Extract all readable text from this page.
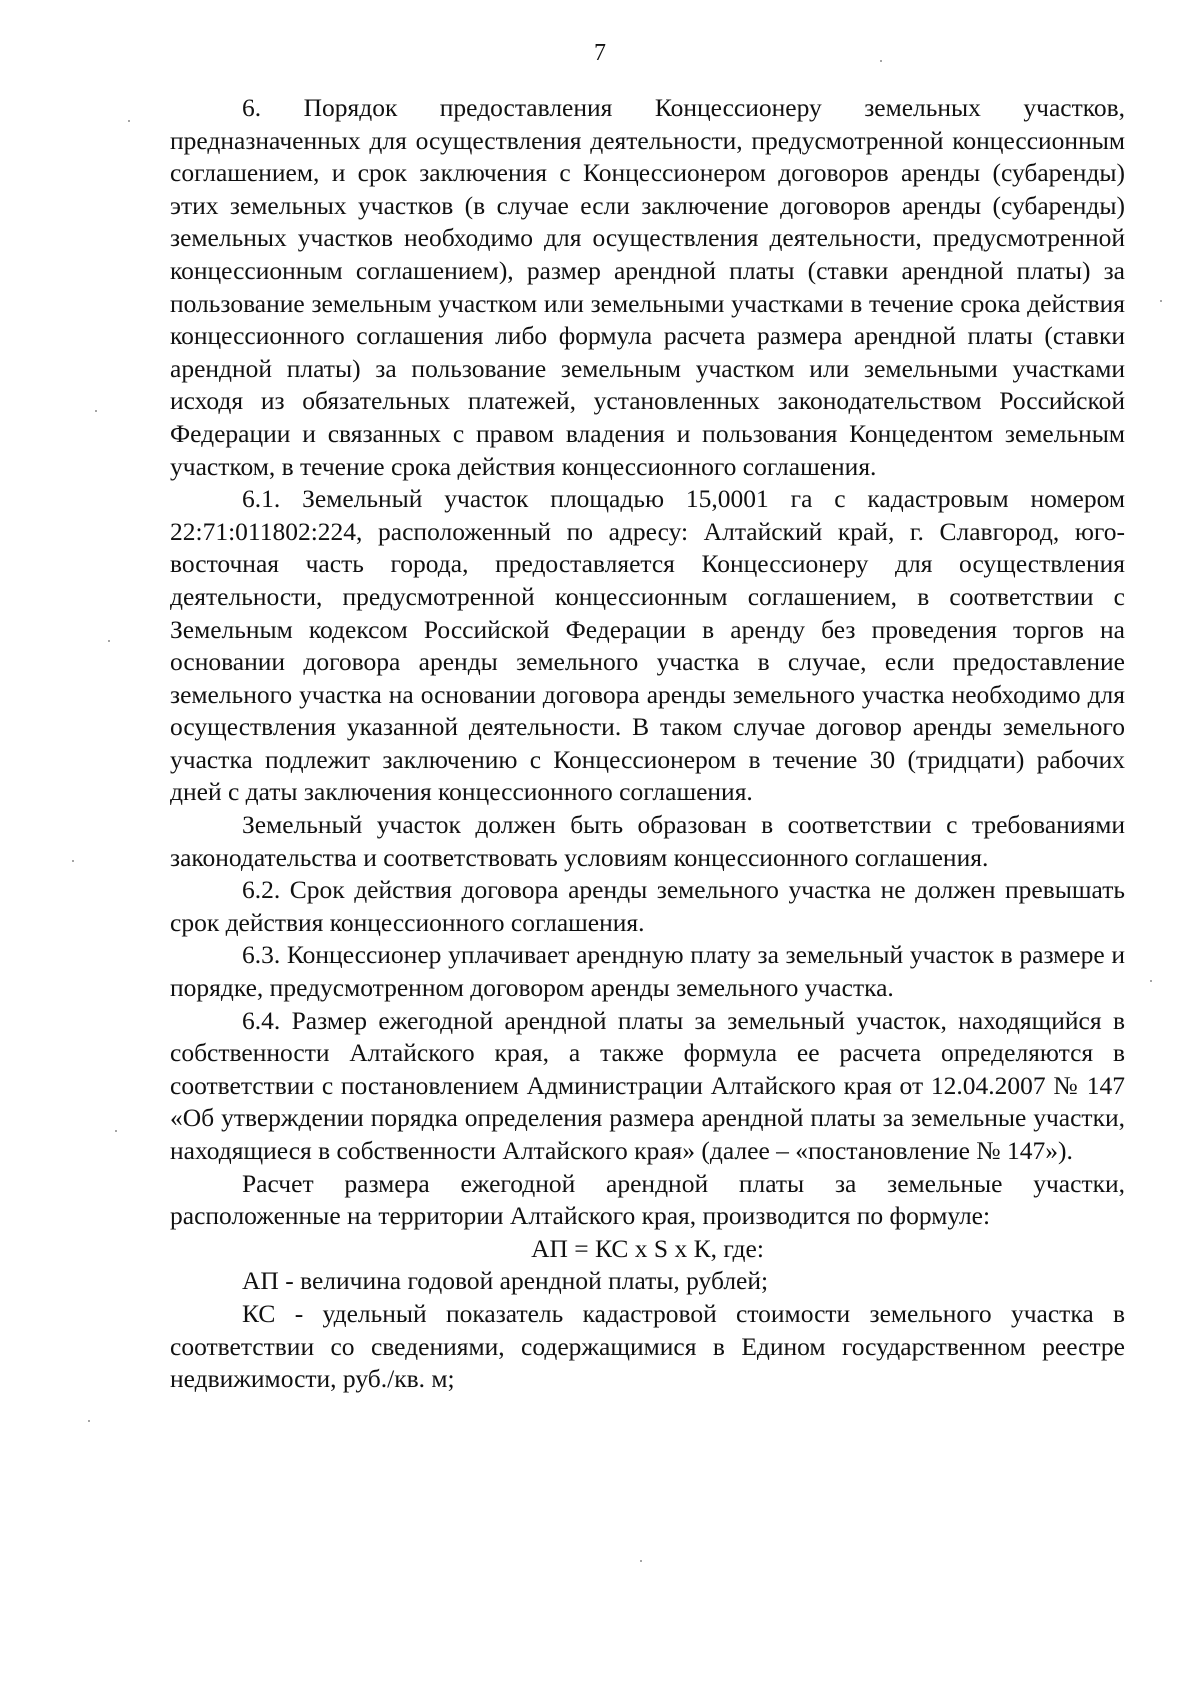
7

6. Порядок предоставления Концессионеру земельных участков, предназначенных для осуществления деятельности, предусмотренной концессионным соглашением, и срок заключения с Концессионером договоров аренды (субаренды) этих земельных участков (в случае если заключение договоров аренды (субаренды) земельных участков необходимо для осуществления деятельности, предусмотренной концессионным соглашением), размер арендной платы (ставки арендной платы) за пользование земельным участком или земельными участками в течение срока действия концессионного соглашения либо формула расчета размера арендной платы (ставки арендной платы) за пользование земельным участком или земельными участками исходя из обязательных платежей, установленных законодательством Российской Федерации и связанных с правом владения и пользования Концедентом земельным участком, в течение срока действия концессионного соглашения.

6.1. Земельный участок площадью 15,0001 га с кадастровым номером 22:71:011802:224, расположенный по адресу: Алтайский край, г. Славгород, юго-восточная часть города, предоставляется Концессионеру для осуществления деятельности, предусмотренной концессионным соглашением, в соответствии с Земельным кодексом Российской Федерации в аренду без проведения торгов на основании договора аренды земельного участка в случае, если предоставление земельного участка на основании договора аренды земельного участка необходимо для осуществления указанной деятельности. В таком случае договор аренды земельного участка подлежит заключению с Концессионером в течение 30 (тридцати) рабочих дней с даты заключения концессионного соглашения.

Земельный участок должен быть образован в соответствии с требованиями законодательства и соответствовать условиям концессионного соглашения.

6.2. Срок действия договора аренды земельного участка не должен превышать срок действия концессионного соглашения.

6.3. Концессионер уплачивает арендную плату за земельный участок в размере и порядке, предусмотренном договором аренды земельного участка.

6.4. Размер ежегодной арендной платы за земельный участок, находящийся в собственности Алтайского края, а также формула ее расчета определяются в соответствии с постановлением Администрации Алтайского края от 12.04.2007 № 147 «Об утверждении порядка определения размера арендной платы за земельные участки, находящиеся в собственности Алтайского края» (далее – «постановление № 147»).

Расчет размера ежегодной арендной платы за земельные участки, расположенные на территории Алтайского края, производится по формуле:

АП = КС x S x К, где:

АП - величина годовой арендной платы, рублей;

КС - удельный показатель кадастровой стоимости земельного участка в соответствии со сведениями, содержащимися в Едином государственном реестре недвижимости, руб./кв. м;
